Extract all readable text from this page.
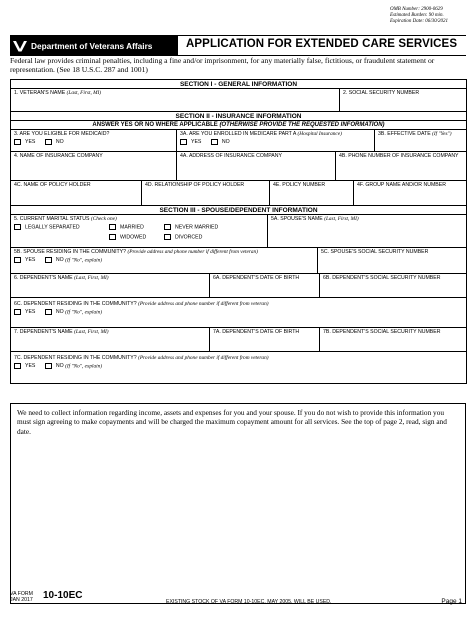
OMB Number: 2900-0629
Estimated Burden: 90 min.
Expiration Date: 06/30/2021
Department of Veterans Affairs	APPLICATION FOR EXTENDED CARE SERVICES
Federal law provides criminal penalties, including a fine and/or imprisonment, for any materially false, fictitious, or fraudulent statement or representation. (See 18 U.S.C. 287 and 1001)
SECTION I - GENERAL INFORMATION
1. VETERAN'S NAME (Last, First, MI)	2. SOCIAL SECURITY NUMBER
SECTION II - INSURANCE INFORMATION
ANSWER YES OR NO WHERE APPLICABLE (OTHERWISE PROVIDE THE REQUESTED INFORMATION)
3. ARE YOU ELIGIBLE FOR MEDICAID?
YES	NO
3A. ARE YOU ENROLLED IN MEDICARE PART A (Hospital Insurance)
YES	NO
3B. EFFECTIVE DATE (If "Yes")
4. NAME OF INSURANCE COMPANY	4A. ADDRESS OF INSURANCE COMPANY	4B. PHONE NUMBER OF INSURANCE COMPANY
4C. NAME OF POLICY HOLDER	4D. RELATIONSHIP OF POLICY HOLDER	4E. POLICY NUMBER	4F. GROUP NAME AND/OR NUMBER
SECTION III - SPOUSE/DEPENDENT INFORMATION
5. CURRENT MARITAL STATUS (Check one)
LEGALLY SEPARATED	MARRIED	NEVER MARRIED
WIDOWED	DIVORCED
5A. SPOUSE'S NAME (Last, First, MI)
5B. SPOUSE RESIDING IN THE COMMUNITY? (Provide address and phone number if different from veteran)
YES	NO (If "No", explain)
5C. SPOUSE'S SOCIAL SECURITY NUMBER
6. DEPENDENT'S NAME (Last, First, MI)	6A. DEPENDENT'S DATE OF BIRTH	6B. DEPENDENT'S SOCIAL SECURITY NUMBER
6C. DEPENDENT RESIDING IN THE COMMUNITY? (Provide address and phone number if different from veteran)
YES	NO (If "No", explain)
7. DEPENDENT'S NAME (Last, First, MI)	7A. DEPENDENT'S DATE OF BIRTH	7B. DEPENDENT'S SOCIAL SECURITY NUMBER
7C. DEPENDENT RESIDING IN THE COMMUNITY? (Provide address and phone number if different from veteran)
YES	NO (If "No", explain)

We need to collect information regarding income, assets and expenses for you and your spouse. If you do not wish to provide this information you must sign agreeing to make copayments and will be charged the maximum copayment amount for all services. See the top of page 2, read, sign and date.

VA FORM
JAN 2017 10-10EC
EXISTING STOCK OF VA FORM 10-10EC, MAY 2005, WILL BE USED.	Page 1
